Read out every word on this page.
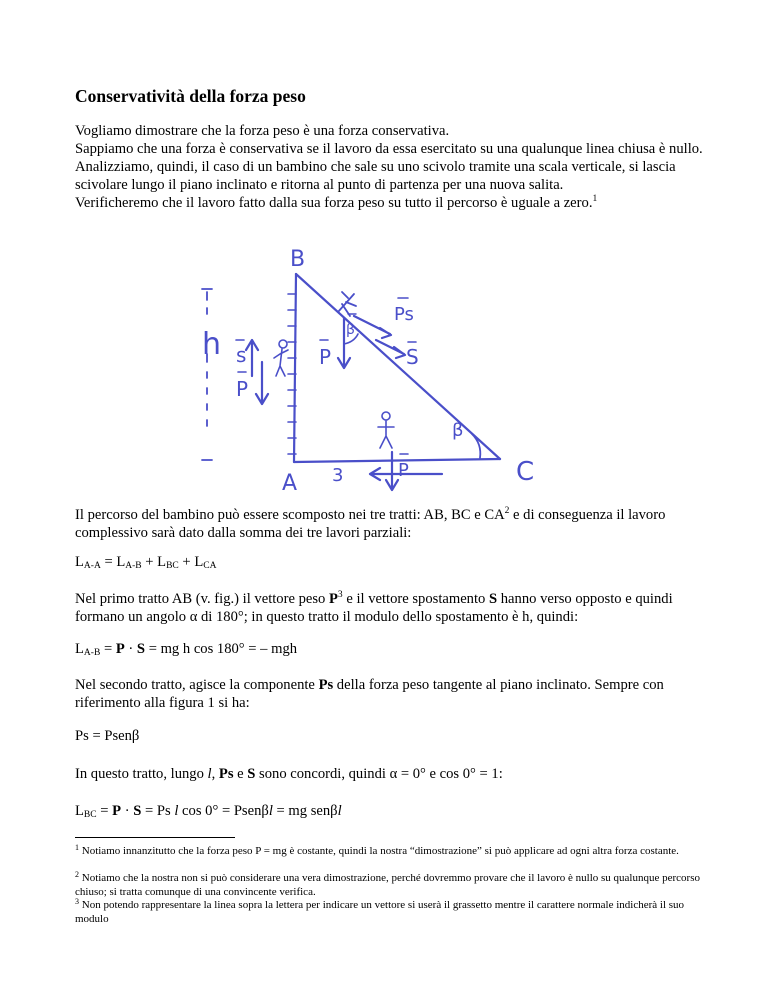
Conservatività della forza peso
Vogliamo dimostrare che la forza peso è una forza conservativa.
Sappiamo che una forza è conservativa se il lavoro da essa esercitato su una qualunque linea chiusa è nullo.
Analizziamo, quindi, il caso di un bambino che sale su uno scivolo tramite una scala verticale, si lascia scivolare lungo il piano inclinato e ritorna al punto di partenza per una nuova salita.
Verificheremo che il lavoro fatto dalla sua forza peso su tutto il percorso è uguale a zero.$^1$
B
A	C
h s
P
P
β
Ps
S
β
3	P

Il percorso del bambino può essere scomposto nei tre tratti: AB, BC e $CA^2$ e di conseguenza il lavoro complessivo sarà dato dalla somma dei tre lavori parziali:

$L_{A-A} = L_{A-B} + L_{BC} + L_{CA}$

Nel primo tratto AB (v. fig.) il vettore peso $P^3$ e il vettore spostamento S hanno verso opposto e quindi formano un angolo α di 180°; in questo tratto il modulo dello spostamento è h, quindi:

$L_{A-B} = P \cdot S$ = mg h cos 180° = – mgh

Nel secondo tratto, agisce la componente Ps della forza peso tangente al piano inclinato. Sempre con riferimento alla figura 1 si ha:

Ps = Psenβ

In questo tratto, lungo l, Ps e S sono concordi, quindi α = 0° e cos 0° = 1:

$L_{BC} = P \cdot S = Ps$ l cos 0° = Psenβl = mg senβl

$^1$ Notiamo innanzitutto che la forza peso P = mg è costante, quindi la nostra “dimostrazione” si può applicare ad ogni altra forza costante.

$^2$ Notiamo che la nostra non si può considerare una vera dimostrazione, perché dovremmo provare che il lavoro è nullo su qualunque percorso chiuso; si tratta comunque di una convincente verifica.

$^3$ Non potendo rappresentare la linea sopra la lettera per indicare un vettore si userà il grassetto mentre il carattere normale indicherà il suo modulo
